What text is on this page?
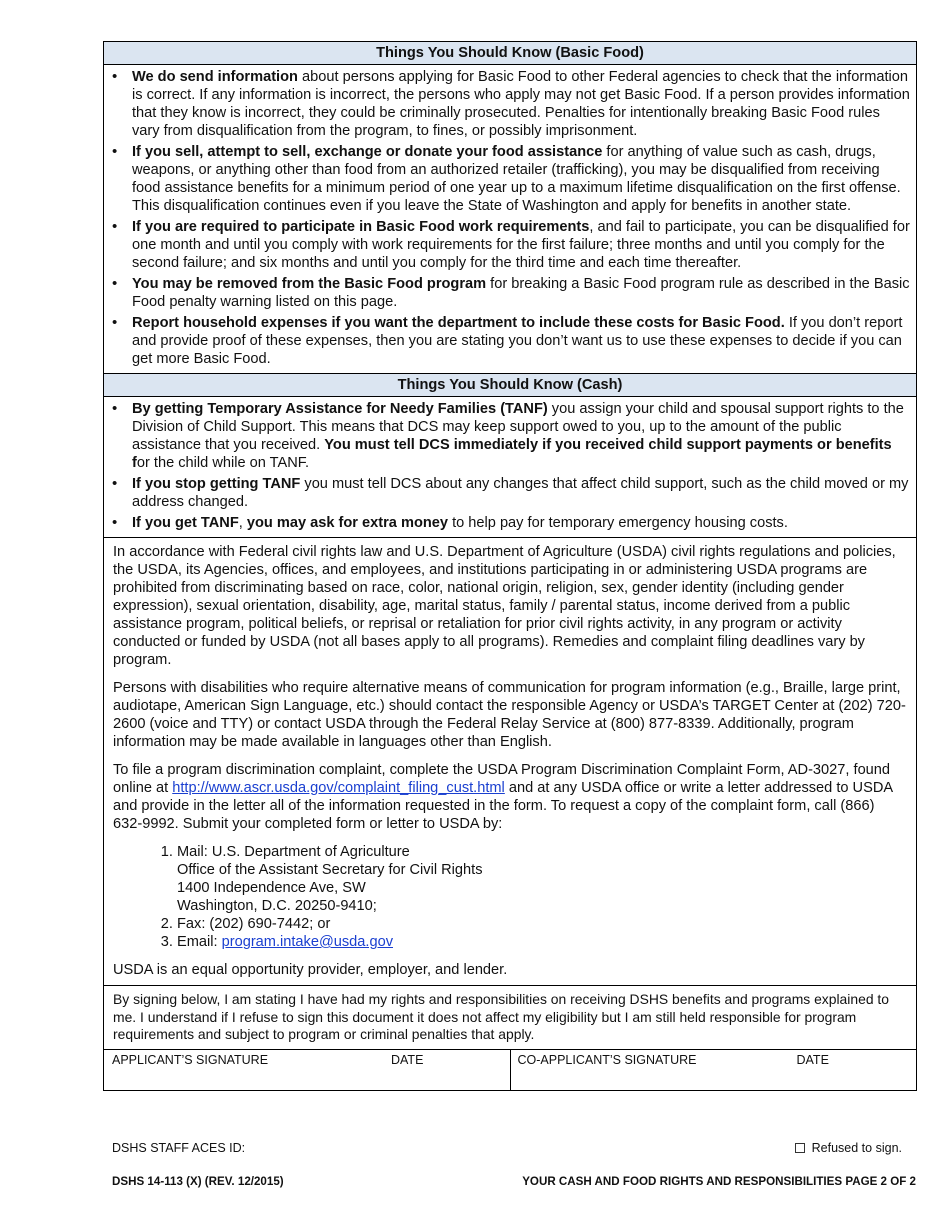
Things You Should Know (Basic Food)
• We do send information about persons applying for Basic Food to other Federal agencies to check that the information is correct. If any information is incorrect, the persons who apply may not get Basic Food. If a person provides information that they know is incorrect, they could be criminally prosecuted. Penalties for intentionally breaking Basic Food rules vary from disqualification from the program, to fines, or possibly imprisonment.
• If you sell, attempt to sell, exchange or donate your food assistance for anything of value such as cash, drugs, weapons, or anything other than food from an authorized retailer (trafficking), you may be disqualified from receiving food assistance benefits for a minimum period of one year up to a maximum lifetime disqualification on the first offense. This disqualification continues even if you leave the State of Washington and apply for benefits in another state.
• If you are required to participate in Basic Food work requirements, and fail to participate, you can be disqualified for one month and until you comply with work requirements for the first failure; three months and until you comply for the second failure; and six months and until you comply for the third time and each time thereafter.
• You may be removed from the Basic Food program for breaking a Basic Food program rule as described in the Basic Food penalty warning listed on this page.
• Report household expenses if you want the department to include these costs for Basic Food. If you don’t report and provide proof of these expenses, then you are stating you don’t want us to use these expenses to decide if you can get more Basic Food.
Things You Should Know (Cash)
• By getting Temporary Assistance for Needy Families (TANF) you assign your child and spousal support rights to the Division of Child Support. This means that DCS may keep support owed to you, up to the amount of the public assistance that you received. You must tell DCS immediately if you received child support payments or benefits for the child while on TANF.
• If you stop getting TANF you must tell DCS about any changes that affect child support, such as the child moved or my address changed.
• If you get TANF, you may ask for extra money to help pay for temporary emergency housing costs.

In accordance with Federal civil rights law and U.S. Department of Agriculture (USDA) civil rights regulations and policies, the USDA, its Agencies, offices, and employees, and institutions participating in or administering USDA programs are prohibited from discriminating based on race, color, national origin, religion, sex, gender identity (including gender expression), sexual orientation, disability, age, marital status, family / parental status, income derived from a public assistance program, political beliefs, or reprisal or retaliation for prior civil rights activity, in any program or activity conducted or funded by USDA (not all bases apply to all programs). Remedies and complaint filing deadlines vary by program.

Persons with disabilities who require alternative means of communication for program information (e.g., Braille, large print, audiotape, American Sign Language, etc.) should contact the responsible Agency or USDA’s TARGET Center at (202) 720-2600 (voice and TTY) or contact USDA through the Federal Relay Service at (800) 877-8339. Additionally, program information may be made available in languages other than English.

To file a program discrimination complaint, complete the USDA Program Discrimination Complaint Form, AD-3027, found online at http://www.ascr.usda.gov/complaint_filing_cust.html and at any USDA office or write a letter addressed to USDA and provide in the letter all of the information requested in the form. To request a copy of the complaint form, call (866) 632-9992. Submit your completed form or letter to USDA by:

1. Mail: U.S. Department of Agriculture
Office of the Assistant Secretary for Civil Rights
1400 Independence Ave, SW
Washington, D.C. 20250-9410;
2. Fax: (202) 690-7442; or
3. Email: program.intake@usda.gov

USDA is an equal opportunity provider, employer, and lender.

By signing below, I am stating I have had my rights and responsibilities on receiving DSHS benefits and programs explained to me. I understand if I refuse to sign this document it does not affect my eligibility but I am still held responsible for program requirements and subject to program or criminal penalties that apply.
APPLICANT’S SIGNATURE	DATE	CO-APPLICANT’S SIGNATURE	DATE
DSHS STAFF ACES ID:	Refused to sign.
DSHS 14-113 (X) (REV. 12/2015)	YOUR CASH AND FOOD RIGHTS AND RESPONSIBILITIES PAGE 2 OF 2
